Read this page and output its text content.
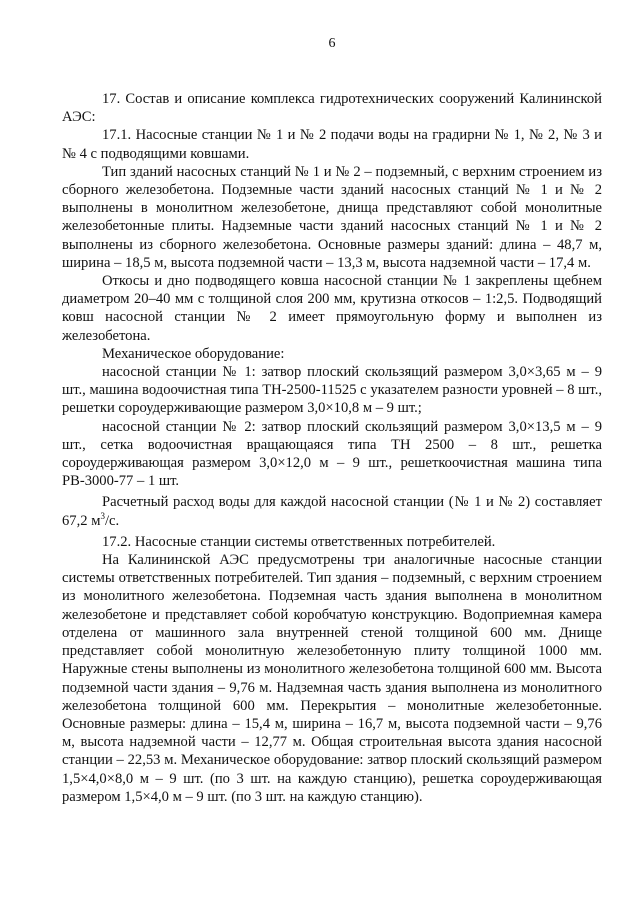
6

17. Состав и описание комплекса гидротехнических сооружений Калининской АЭС:

17.1. Насосные станции № 1 и № 2 подачи воды на градирни № 1, № 2, № 3 и № 4 с подводящими ковшами.

Тип зданий насосных станций № 1 и № 2 – подземный, с верхним строением из сборного железобетона. Подземные части зданий насосных станций № 1 и № 2 выполнены в монолитном железобетоне, днища представляют собой монолитные железобетонные плиты. Надземные части зданий насосных станций № 1 и № 2 выполнены из сборного железобетона. Основные размеры зданий: длина – 48,7 м, ширина – 18,5 м, высота подземной части – 13,3 м, высота надземной части – 17,4 м.

Откосы и дно подводящего ковша насосной станции № 1 закреплены щебнем диаметром 20–40 мм с толщиной слоя 200 мм, крутизна откосов – 1:2,5. Подводящий ковш насосной станции № 2 имеет прямоугольную форму и выполнен из железобетона.

Механическое оборудование:

насосной станции № 1: затвор плоский скользящий размером 3,0×3,65 м – 9 шт., машина водоочистная типа ТН-2500-11525 с указателем разности уровней – 8 шт., решетки сороудерживающие размером 3,0×10,8 м – 9 шт.;

насосной станции № 2: затвор плоский скользящий размером 3,0×13,5 м – 9 шт., сетка водоочистная вращающаяся типа ТН 2500 – 8 шт., решетка сороудерживающая размером 3,0×12,0 м – 9 шт., решеткоочистная машина типа РВ-3000-77 – 1 шт.

Расчетный расход воды для каждой насосной станции (№ 1 и № 2) составляет 67,2 $м^3/с$.

17.2. Насосные станции системы ответственных потребителей.

На Калининской АЭС предусмотрены три аналогичные насосные станции системы ответственных потребителей. Тип здания – подземный, с верхним строением из монолитного железобетона. Подземная часть здания выполнена в монолитном железобетоне и представляет собой коробчатую конструкцию. Водоприемная камера отделена от машинного зала внутренней стеной толщиной 600 мм. Днище представляет собой монолитную железобетонную плиту толщиной 1000 мм. Наружные стены выполнены из монолитного железобетона толщиной 600 мм. Высота подземной части здания – 9,76 м. Надземная часть здания выполнена из монолитного железобетона толщиной 600 мм. Перекрытия – монолитные железобетонные. Основные размеры: длина – 15,4 м, ширина – 16,7 м, высота подземной части – 9,76 м, высота надземной части – 12,77 м. Общая строительная высота здания насосной станции – 22,53 м. Механическое оборудование: затвор плоский скользящий размером 1,5×4,0×8,0 м – 9 шт. (по 3 шт. на каждую станцию), решетка сороудерживающая размером 1,5×4,0 м – 9 шт. (по 3 шт. на каждую станцию).
